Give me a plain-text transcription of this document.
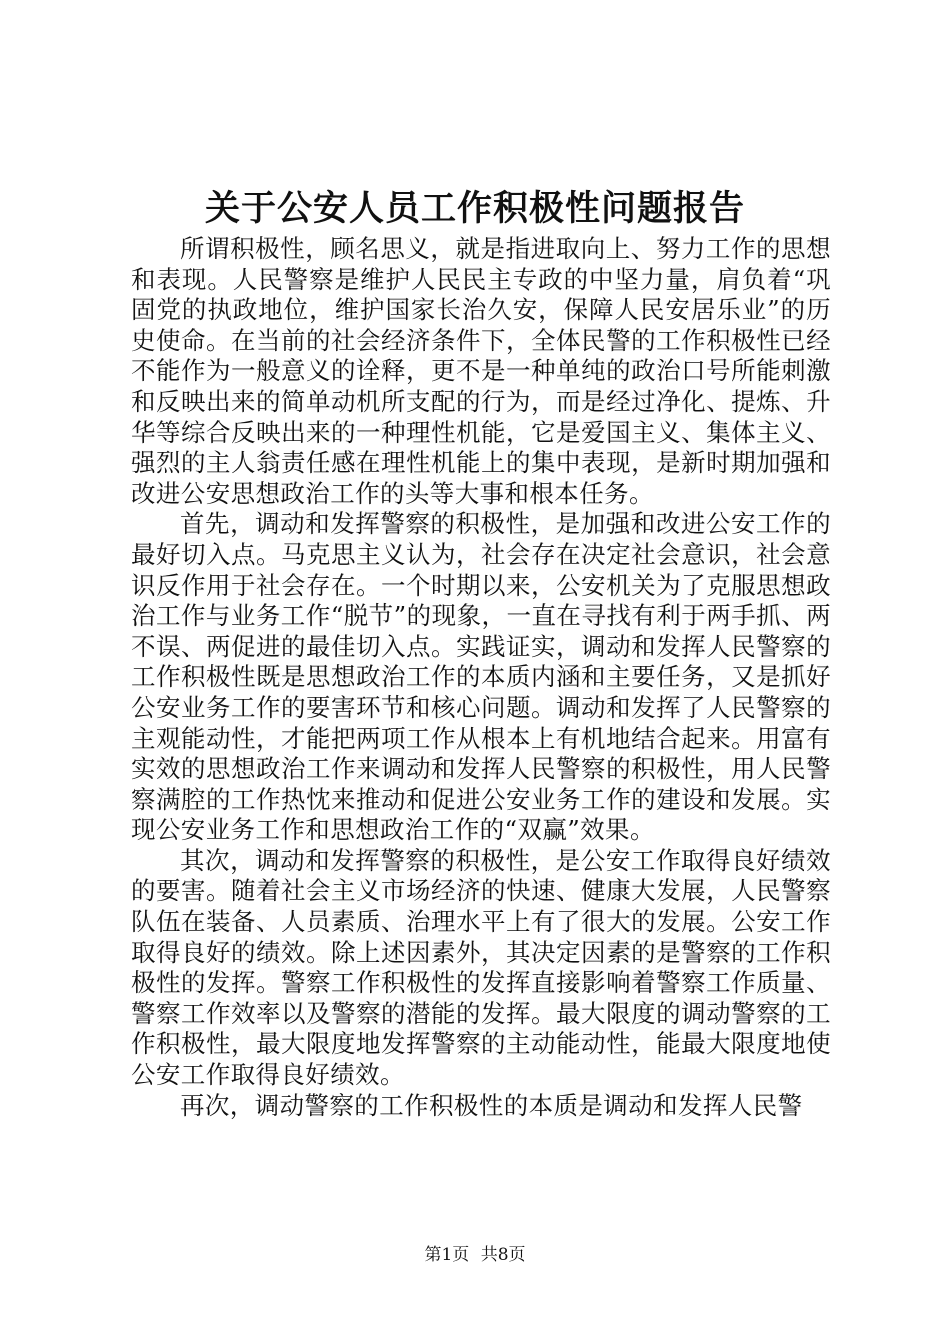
关于公安人员工作积极性问题报告

所谓积极性，顾名思义，就是指进取向上、努力工作的思想和表现。人民警察是维护人民民主专政的中坚力量，肩负着“巩固党的执政地位，维护国家长治久安，保障人民安居乐业”的历史使命。在当前的社会经济条件下，全体民警的工作积极性已经不能作为一般意义的诠释，更不是一种单纯的政治口号所能刺激和反映出来的简单动机所支配的行为，而是经过净化、提炼、升华等综合反映出来的一种理性机能，它是爱国主义、集体主义、强烈的主人翁责任感在理性机能上的集中表现，是新时期加强和改进公安思想政治工作的头等大事和根本任务。

首先，调动和发挥警察的积极性，是加强和改进公安工作的最好切入点。马克思主义认为，社会存在决定社会意识，社会意识反作用于社会存在。一个时期以来，公安机关为了克服思想政治工作与业务工作“脱节”的现象，一直在寻找有利于两手抓、两不误、两促进的最佳切入点。实践证实，调动和发挥人民警察的工作积极性既是思想政治工作的本质内涵和主要任务，又是抓好公安业务工作的要害环节和核心问题。调动和发挥了人民警察的主观能动性，才能把两项工作从根本上有机地结合起来。用富有实效的思想政治工作来调动和发挥人民警察的积极性，用人民警察满腔的工作热忱来推动和促进公安业务工作的建设和发展。实现公安业务工作和思想政治工作的“双赢”效果。

其次，调动和发挥警察的积极性，是公安工作取得良好绩效的要害。随着社会主义市场经济的快速、健康大发展，人民警察队伍在装备、人员素质、治理水平上有了很大的发展。公安工作取得良好的绩效。除上述因素外，其决定因素的是警察的工作积极性的发挥。警察工作积极性的发挥直接影响着警察工作质量、警察工作效率以及警察的潜能的发挥。最大限度的调动警察的工作积极性，最大限度地发挥警察的主动能动性，能最大限度地使公安工作取得良好绩效。

再次，调动警察的工作积极性的本质是调动和发挥人民警

第1页 共8页
